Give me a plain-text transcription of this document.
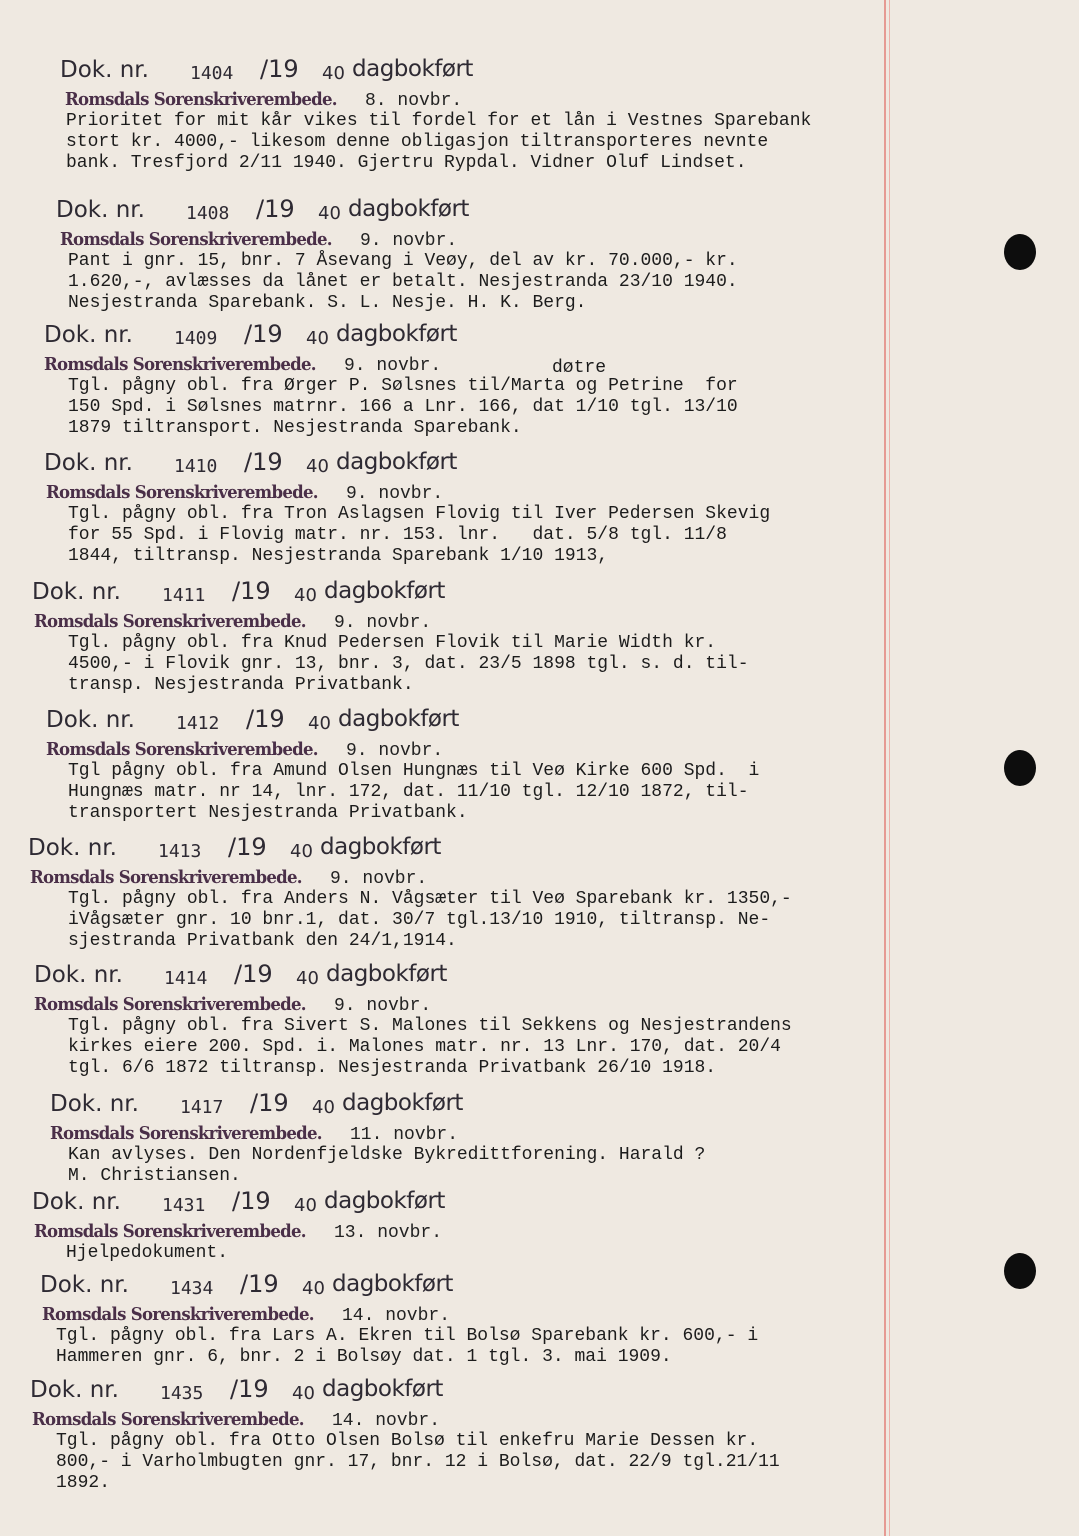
Dok. nr. 1404 /19 40 dagbokført
Romsdals Sorenskriverembede. 8. novbr.
Prioritet for mit kår vikes til fordel for et lån i Vestnes Sparebank
stort kr. 4000,- likesom denne obligasjon tiltransporteres nevnte
bank. Tresfjord 2/11 1940. Gjertru Rypdal. Vidner Oluf Lindset.
Dok. nr. 1408 /19 40 dagbokført
Romsdals Sorenskriverembede. 9. novbr.
Pant i gnr. 15, bnr. 7 Åsevang i Veøy, del av kr. 70.000,- kr.
1.620,-, avlæsses da lånet er betalt. Nesjestranda 23/10 1940.
Nesjestranda Sparebank. S. L. Nesje. H. K. Berg.
Dok. nr. 1409 /19 40 dagbokført
Romsdals Sorenskriverembede. 9. novbr.
Tgl. pågny obl. fra Ørger P. Sølsnes til/Marta og Petrine  for
150 Spd. i Sølsnes matrnr. 166 a Lnr. 166, dat 1/10 tgl. 13/10
1879 tiltransport. Nesjestranda Sparebank.
døtre
Dok. nr. 1410 /19 40 dagbokført
Romsdals Sorenskriverembede. 9. novbr.
Tgl. pågny obl. fra Tron Aslagsen Flovig til Iver Pedersen Skevig
for 55 Spd. i Flovig matr. nr. 153. lnr.   dat. 5/8 tgl. 11/8
1844, tiltransp. Nesjestranda Sparebank 1/10 1913,
Dok. nr. 1411 /19 40 dagbokført
Romsdals Sorenskriverembede. 9. novbr.
Tgl. pågny obl. fra Knud Pedersen Flovik til Marie Width kr.
4500,- i Flovik gnr. 13, bnr. 3, dat. 23/5 1898 tgl. s. d. til-
transp. Nesjestranda Privatbank.
Dok. nr. 1412 /19 40 dagbokført
Romsdals Sorenskriverembede. 9. novbr.
Tgl pågny obl. fra Amund Olsen Hungnæs til Veø Kirke 600 Spd.  i
Hungnæs matr. nr 14, lnr. 172, dat. 11/10 tgl. 12/10 1872, til-
transportert Nesjestranda Privatbank.
Dok. nr. 1413 /19 40 dagbokført
Romsdals Sorenskriverembede. 9. novbr.
Tgl. pågny obl. fra Anders N. Vågsæter til Veø Sparebank kr. 1350,-
iVågsæter gnr. 10 bnr.1, dat. 30/7 tgl.13/10 1910, tiltransp. Ne-
sjestranda Privatbank den 24/1,1914.
Dok. nr. 1414 /19 40 dagbokført
Romsdals Sorenskriverembede. 9. novbr.
Tgl. pågny obl. fra Sivert S. Malones til Sekkens og Nesjestrandens
kirkes eiere 200. Spd. i. Malones matr. nr. 13 Lnr. 170, dat. 20/4
tgl. 6/6 1872 tiltransp. Nesjestranda Privatbank 26/10 1918.
Dok. nr. 1417 /19 40 dagbokført
Romsdals Sorenskriverembede. 11. novbr.
Kan avlyses. Den Nordenfjeldske Bykredittforening. Harald ?
M. Christiansen.
Dok. nr. 1431 /19 40 dagbokført
Romsdals Sorenskriverembede. 13. novbr.
Hjelpedokument.
Dok. nr. 1434 /19 40 dagbokført
Romsdals Sorenskriverembede. 14. novbr.
Tgl. pågny obl. fra Lars A. Ekren til Bolsø Sparebank kr. 600,- i
Hammeren gnr. 6, bnr. 2 i Bolsøy dat. 1 tgl. 3. mai 1909.
Dok. nr. 1435 /19 40 dagbokført
Romsdals Sorenskriverembede. 14. novbr.
Tgl. pågny obl. fra Otto Olsen Bolsø til enkefru Marie Dessen kr.
800,- i Varholmbugten gnr. 17, bnr. 12 i Bolsø, dat. 22/9 tgl.21/11
1892.
